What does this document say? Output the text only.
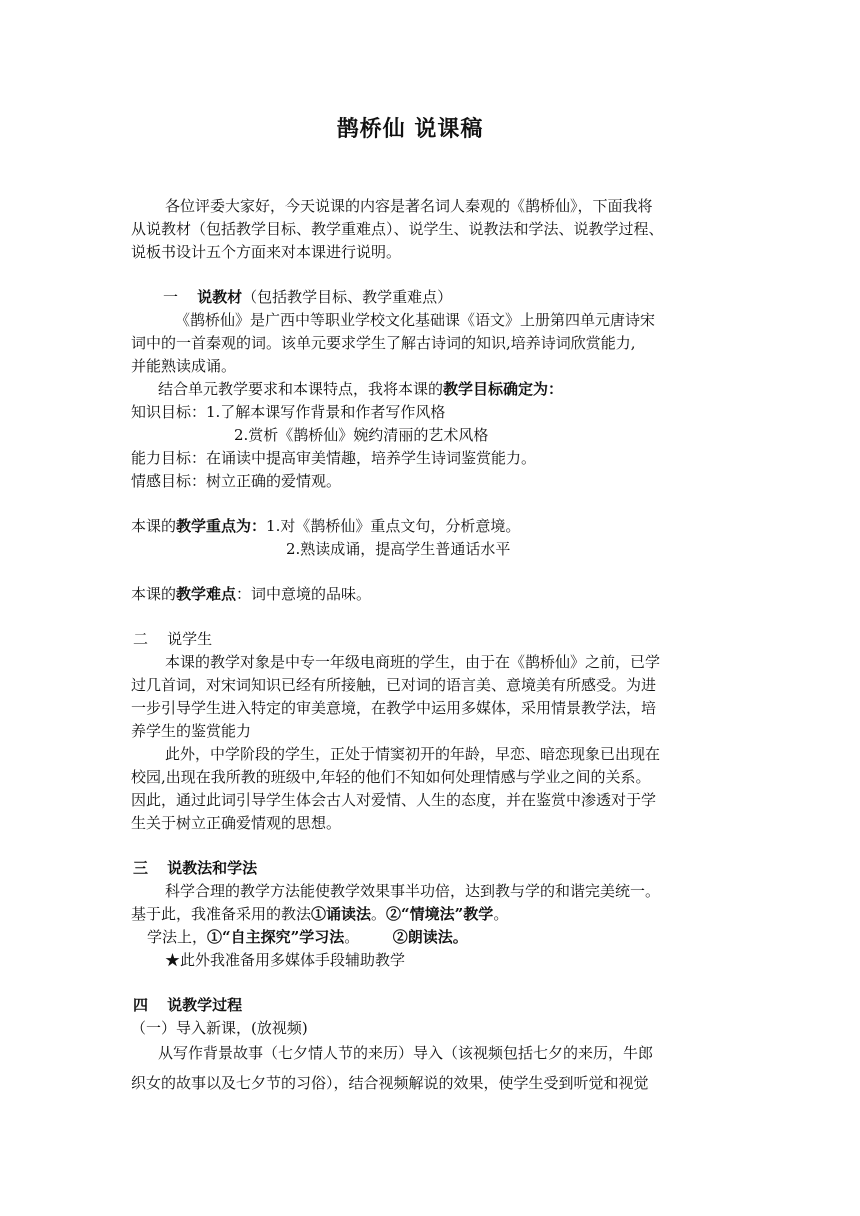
鹊桥仙 说课稿
各位评委大家好，今天说课的内容是著名词人秦观的《鹊桥仙》，下面我将
从说教材（包括教学目标、教学重难点）、说学生、说教法和学法、说教学过程、
说板书设计五个方面来对本课进行说明。
一 说教材（包括教学目标、教学重难点）
《鹊桥仙》是广西中等职业学校文化基础课《语文》上册第四单元唐诗宋
词中的一首秦观的词。该单元要求学生了解古诗词的知识,培养诗词欣赏能力,
并能熟读成诵。
结合单元教学要求和本课特点，我将本课的教学目标确定为：
知识目标：1.了解本课写作背景和作者写作风格
2.赏析《鹊桥仙》婉约清丽的艺术风格
能力目标：在诵读中提高审美情趣，培养学生诗词鉴赏能力。
情感目标：树立正确的爱情观。
本课的教学重点为：1.对《鹊桥仙》重点文句，分析意境。
2.熟读成诵，提高学生普通话水平
本课的教学难点：词中意境的品味。
二 说学生
本课的教学对象是中专一年级电商班的学生，由于在《鹊桥仙》之前，已学
过几首词，对宋词知识已经有所接触，已对词的语言美、意境美有所感受。为进
一步引导学生进入特定的审美意境，在教学中运用多媒体，采用情景教学法，培
养学生的鉴赏能力
此外，中学阶段的学生，正处于情窦初开的年龄，早恋、暗恋现象已出现在
校园,出现在我所教的班级中,年轻的他们不知如何处理情感与学业之间的关系。
因此，通过此词引导学生体会古人对爱情、人生的态度，并在鉴赏中渗透对于学
生关于树立正确爱情观的思想。
三 说教法和学法
科学合理的教学方法能使教学效果事半功倍，达到教与学的和谐完美统一。
基于此，我准备采用的教法①诵读法。②“情境法”教学。
学法上，①“自主探究”学习法。 ②朗读法。
★此外我准备用多媒体手段辅助教学
四 说教学过程
（一）导入新课，(放视频)
从写作背景故事（七夕情人节的来历）导入（该视频包括七夕的来历，牛郎
织女的故事以及七夕节的习俗），结合视频解说的效果，使学生受到听觉和视觉
